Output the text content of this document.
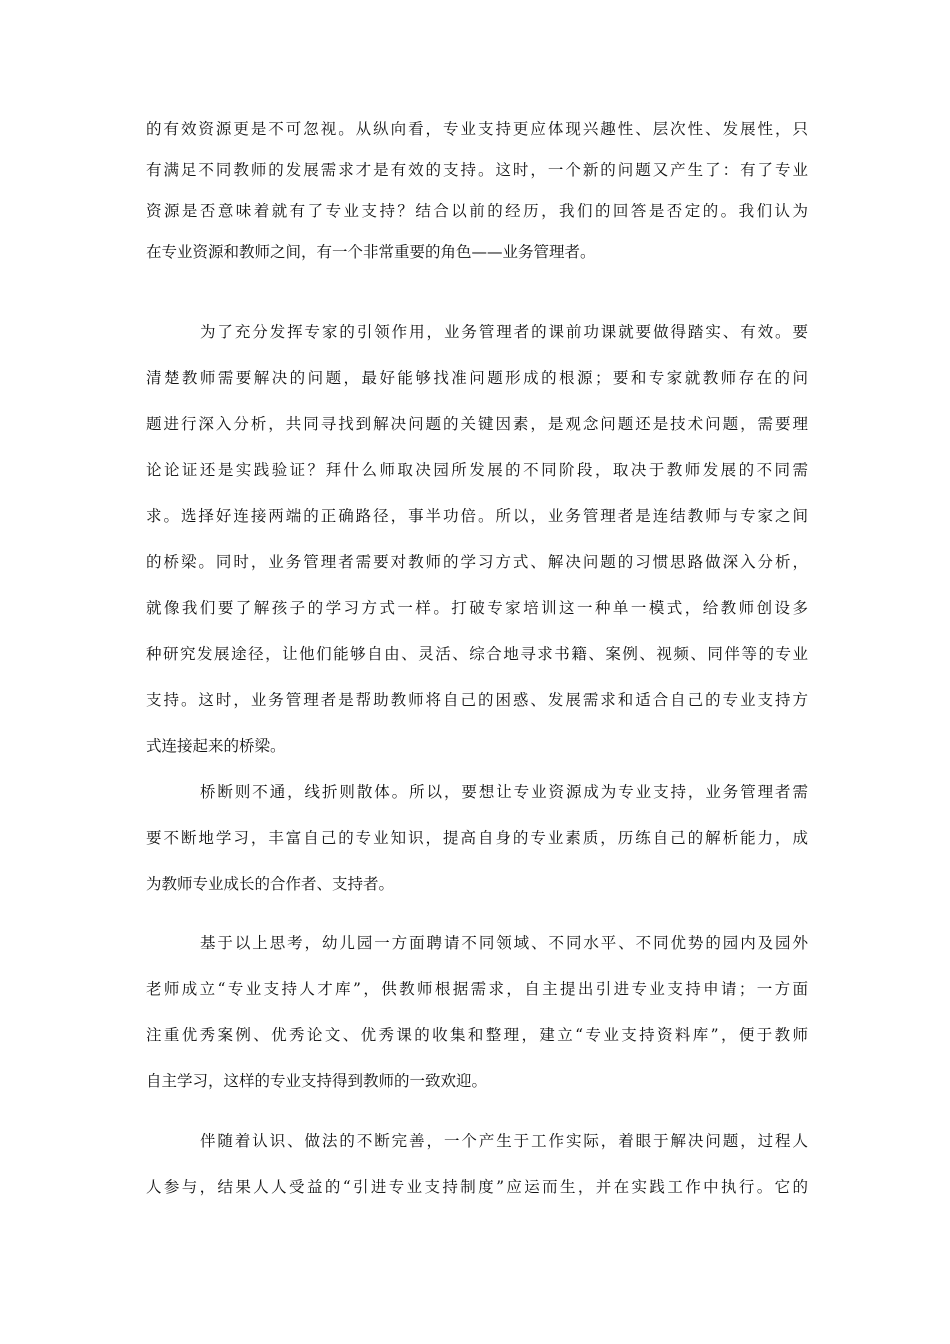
的有效资源更是不可忽视。从纵向看，专业支持更应体现兴趣性、层次性、发展性，只
有满足不同教师的发展需求才是有效的支持。这时，一个新的问题又产生了：有了专业
资源是否意味着就有了专业支持？结合以前的经历，我们的回答是否定的。我们认为
在专业资源和教师之间，有一个非常重要的角色——业务管理者。
为了充分发挥专家的引领作用，业务管理者的课前功课就要做得踏实、有效。要
清楚教师需要解决的问题，最好能够找准问题形成的根源；要和专家就教师存在的问
题进行深入分析，共同寻找到解决问题的关键因素，是观念问题还是技术问题，需要理
论论证还是实践验证？拜什么师取决园所发展的不同阶段，取决于教师发展的不同需
求。选择好连接两端的正确路径，事半功倍。所以，业务管理者是连结教师与专家之间
的桥梁。同时，业务管理者需要对教师的学习方式、解决问题的习惯思路做深入分析，
就像我们要了解孩子的学习方式一样。打破专家培训这一种单一模式，给教师创设多
种研究发展途径，让他们能够自由、灵活、综合地寻求书籍、案例、视频、同伴等的专业
支持。这时，业务管理者是帮助教师将自己的困惑、发展需求和适合自己的专业支持方
式连接起来的桥梁。
桥断则不通，线折则散体。所以，要想让专业资源成为专业支持，业务管理者需
要不断地学习，丰富自己的专业知识，提高自身的专业素质，历练自己的解析能力，成
为教师专业成长的合作者、支持者。
基于以上思考，幼儿园一方面聘请不同领域、不同水平、不同优势的园内及园外
老师成立“专业支持人才库”，供教师根据需求，自主提出引进专业支持申请；一方面
注重优秀案例、优秀论文、优秀课的收集和整理，建立“专业支持资料库”，便于教师
自主学习，这样的专业支持得到教师的一致欢迎。
伴随着认识、做法的不断完善，一个产生于工作实际，着眼于解决问题，过程人
人参与，结果人人受益的“引进专业支持制度”应运而生，并在实践工作中执行。它的
